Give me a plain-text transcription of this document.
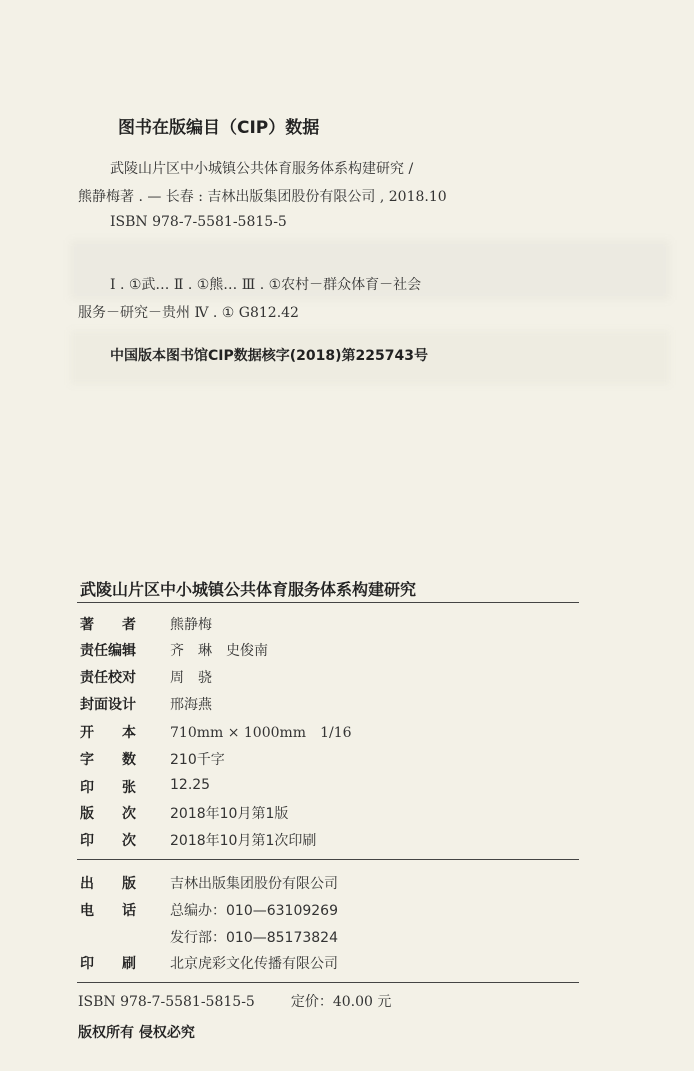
图书在版编目（CIP）数据
武陵山片区中小城镇公共体育服务体系构建研究 /
熊静梅著 . — 长春 : 吉林出版集团股份有限公司 , 2018.10
ISBN 978-7-5581-5815-5
Ⅰ . ①武… Ⅱ . ①熊… Ⅲ . ①农村－群众体育－社会
服务－研究－贵州 Ⅳ . ① G812.42
中国版本图书馆CIP数据核字(2018)第225743号
武陵山片区中小城镇公共体育服务体系构建研究
著　　者	熊静梅
责任编辑	齐　琳　史俊南
责任校对	周　骁
封面设计	邢海燕
开　　本	710mm × 1000mm　1/16
字　　数	210千字
印　　张	12.25
版　　次	2018年10月第1版
印　　次	2018年10月第1次印刷
出　　版	吉林出版集团股份有限公司
电　　话	总编办：010—63109269
发行部：010—85173824
印　　刷	北京虎彩文化传播有限公司
ISBN 978-7-5581-5815-5	定价：40.00 元
版权所有 侵权必究
